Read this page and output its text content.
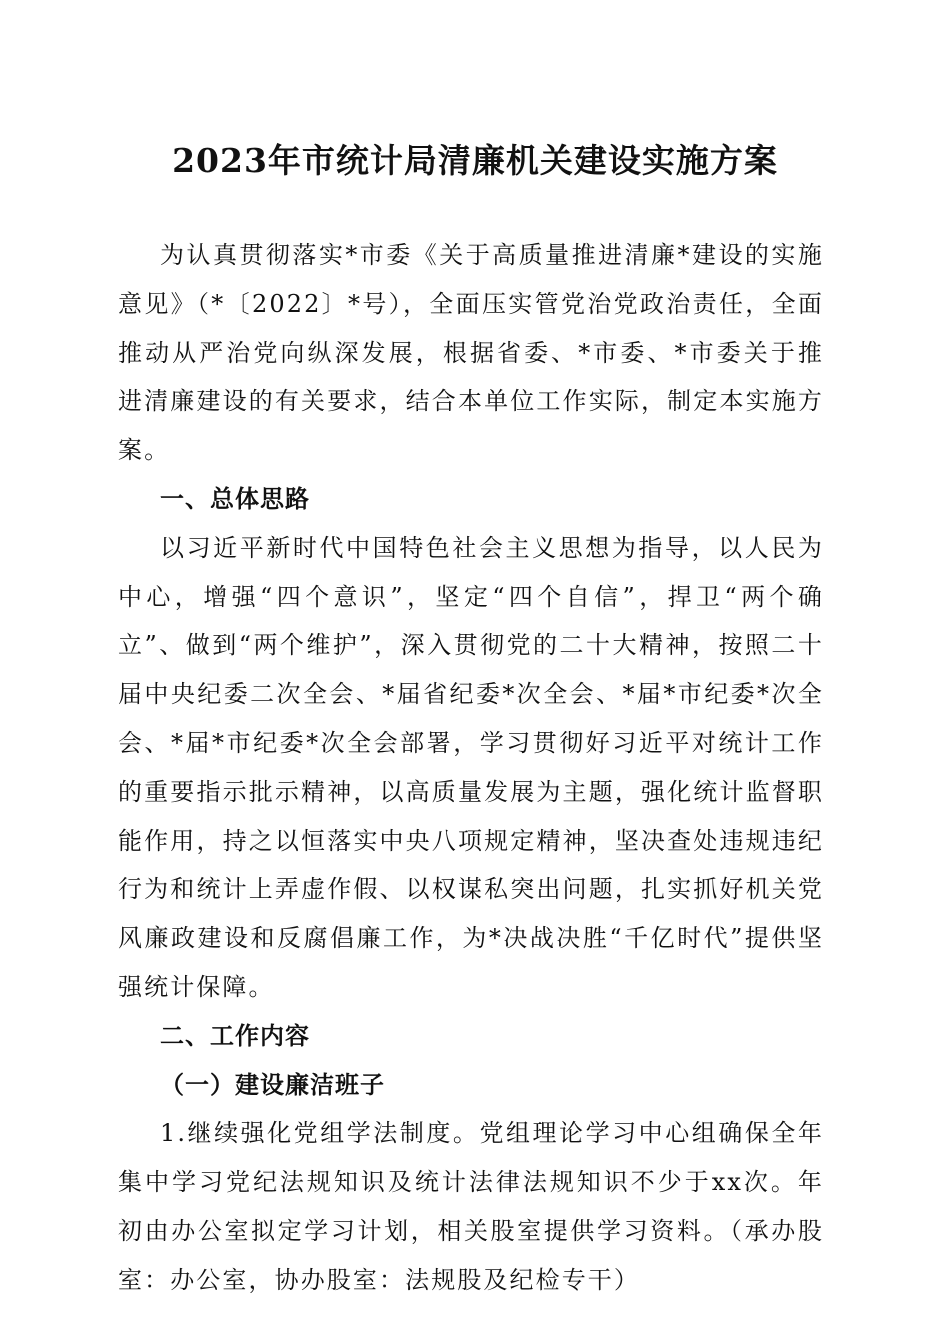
2023年市统计局清廉机关建设实施方案

为认真贯彻落实*市委《关于高质量推进清廉*建设的实施意见》（*〔2022〕*号），全面压实管党治党政治责任，全面推动从严治党向纵深发展，根据省委、*市委、*市委关于推进清廉建设的有关要求，结合本单位工作实际，制定本实施方案。

一、总体思路

以习近平新时代中国特色社会主义思想为指导，以人民为中心，增强“四个意识”，坚定“四个自信”，捍卫“两个确立”、做到“两个维护”，深入贯彻党的二十大精神，按照二十届中央纪委二次全会、*届省纪委*次全会、*届*市纪委*次全会、*届*市纪委*次全会部署，学习贯彻好习近平对统计工作的重要指示批示精神，以高质量发展为主题，强化统计监督职能作用，持之以恒落实中央八项规定精神，坚决查处违规违纪行为和统计上弄虚作假、以权谋私突出问题，扎实抓好机关党风廉政建设和反腐倡廉工作，为*决战决胜“千亿时代”提供坚强统计保障。

二、工作内容

（一）建设廉洁班子

1.继续强化党组学法制度。党组理论学习中心组确保全年集中学习党纪法规知识及统计法律法规知识不少于xx次。年初由办公室拟定学习计划，相关股室提供学习资料。（承办股室：办公室，协办股室：法规股及纪检专干）
